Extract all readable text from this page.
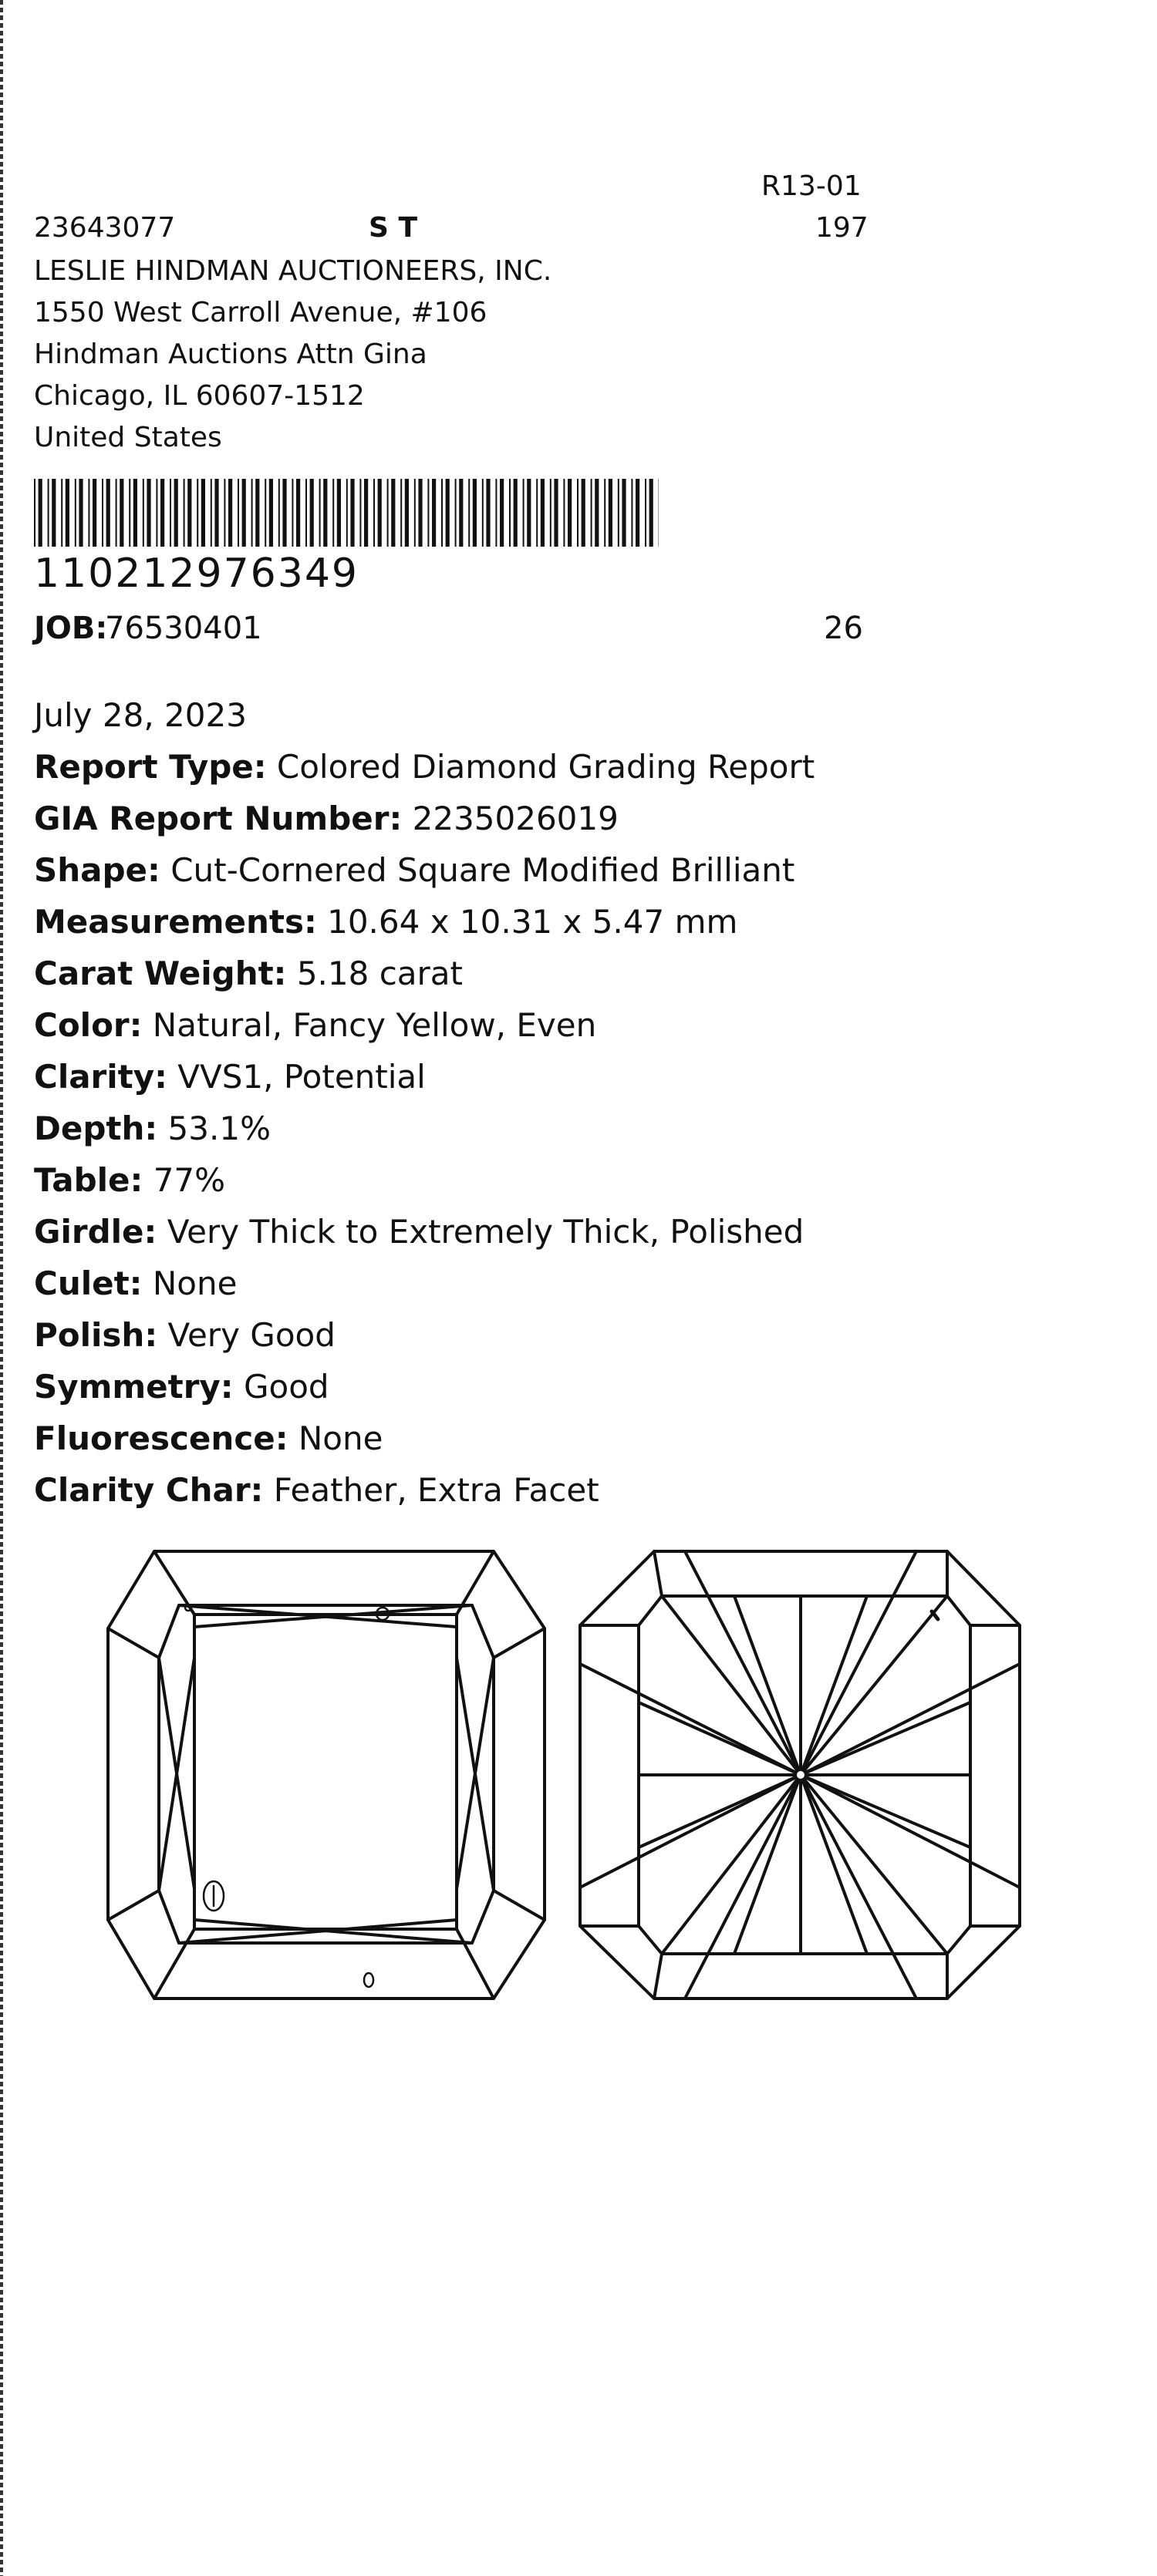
R13-01
197
23643077	S T
LESLIE HINDMAN AUCTIONEERS, INC.
1550 West Carroll Avenue, #106
Hindman Auctions Attn Gina
Chicago, IL 60607-1512
United States
110212976349
JOB:
76530401	26
July 28, 2023
Report Type: Colored Diamond Grading Report
GIA Report Number: 2235026019
Shape: Cut-Cornered Square Modified Brilliant
Measurements: 10.64 x 10.31 x 5.47 mm
Carat Weight: 5.18 carat
Color: Natural, Fancy Yellow, Even
Clarity: VVS1, Potential
Depth: 53.1%
Table: 77%
Girdle: Very Thick to Extremely Thick, Polished
Culet: None
Polish: Very Good
Symmetry: Good
Fluorescence: None
Clarity Char: Feather, Extra Facet
